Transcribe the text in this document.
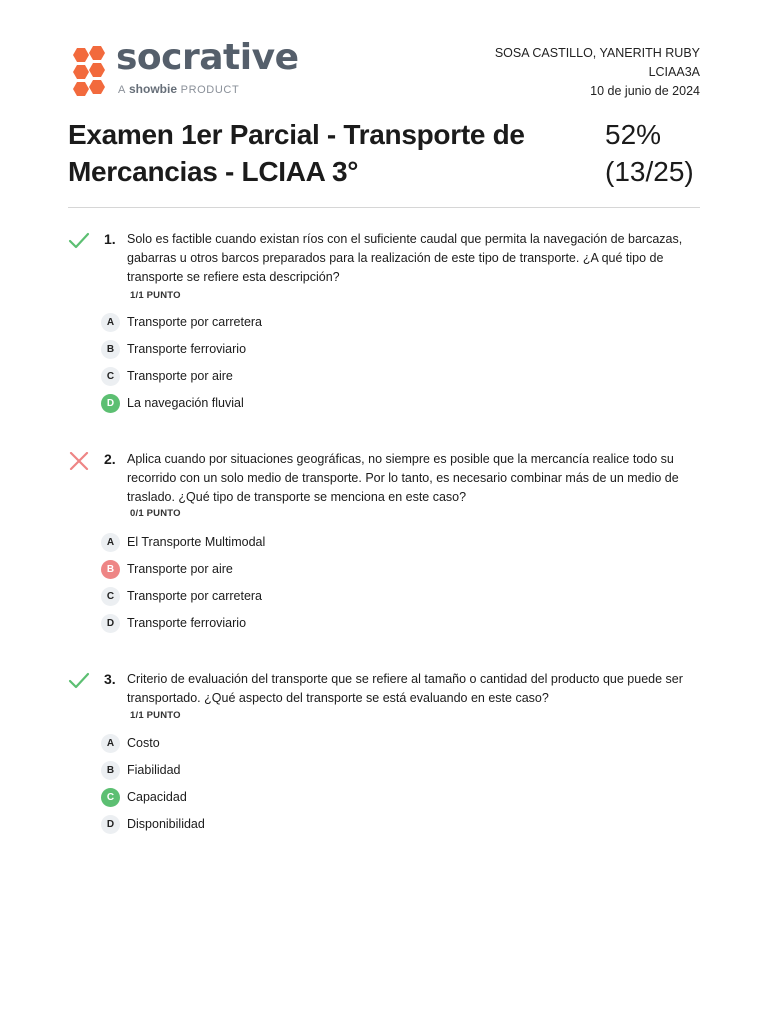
socrative
A showbie PRODUCT
SOSA CASTILLO, YANERITH RUBY
LCIAA3A
10 de junio de 2024
Examen 1er Parcial - Transporte de Mercancias - LCIAA 3°
52%
(13/25)
1. Solo es factible cuando existan ríos con el suficiente caudal que permita la navegación de barcazas, gabarras u otros barcos preparados para la realización de este tipo de transporte. ¿A qué tipo de transporte se refiere esta descripción?
1/1 PUNTO
A	Transporte por carretera
B	Transporte ferroviario
C	Transporte por aire
D	La navegación fluvial
2. Aplica cuando por situaciones geográficas, no siempre es posible que la mercancía realice todo su recorrido con un solo medio de transporte. Por lo tanto, es necesario combinar más de un medio de traslado. ¿Qué tipo de transporte se menciona en este caso?
0/1 PUNTO
A	El Transporte Multimodal
B	Transporte por aire
C	Transporte por carretera
D	Transporte ferroviario
3. Criterio de evaluación del transporte que se refiere al tamaño o cantidad del producto que puede ser transportado. ¿Qué aspecto del transporte se está evaluando en este caso?
1/1 PUNTO
A	Costo
B	Fiabilidad
C	Capacidad
D	Disponibilidad
